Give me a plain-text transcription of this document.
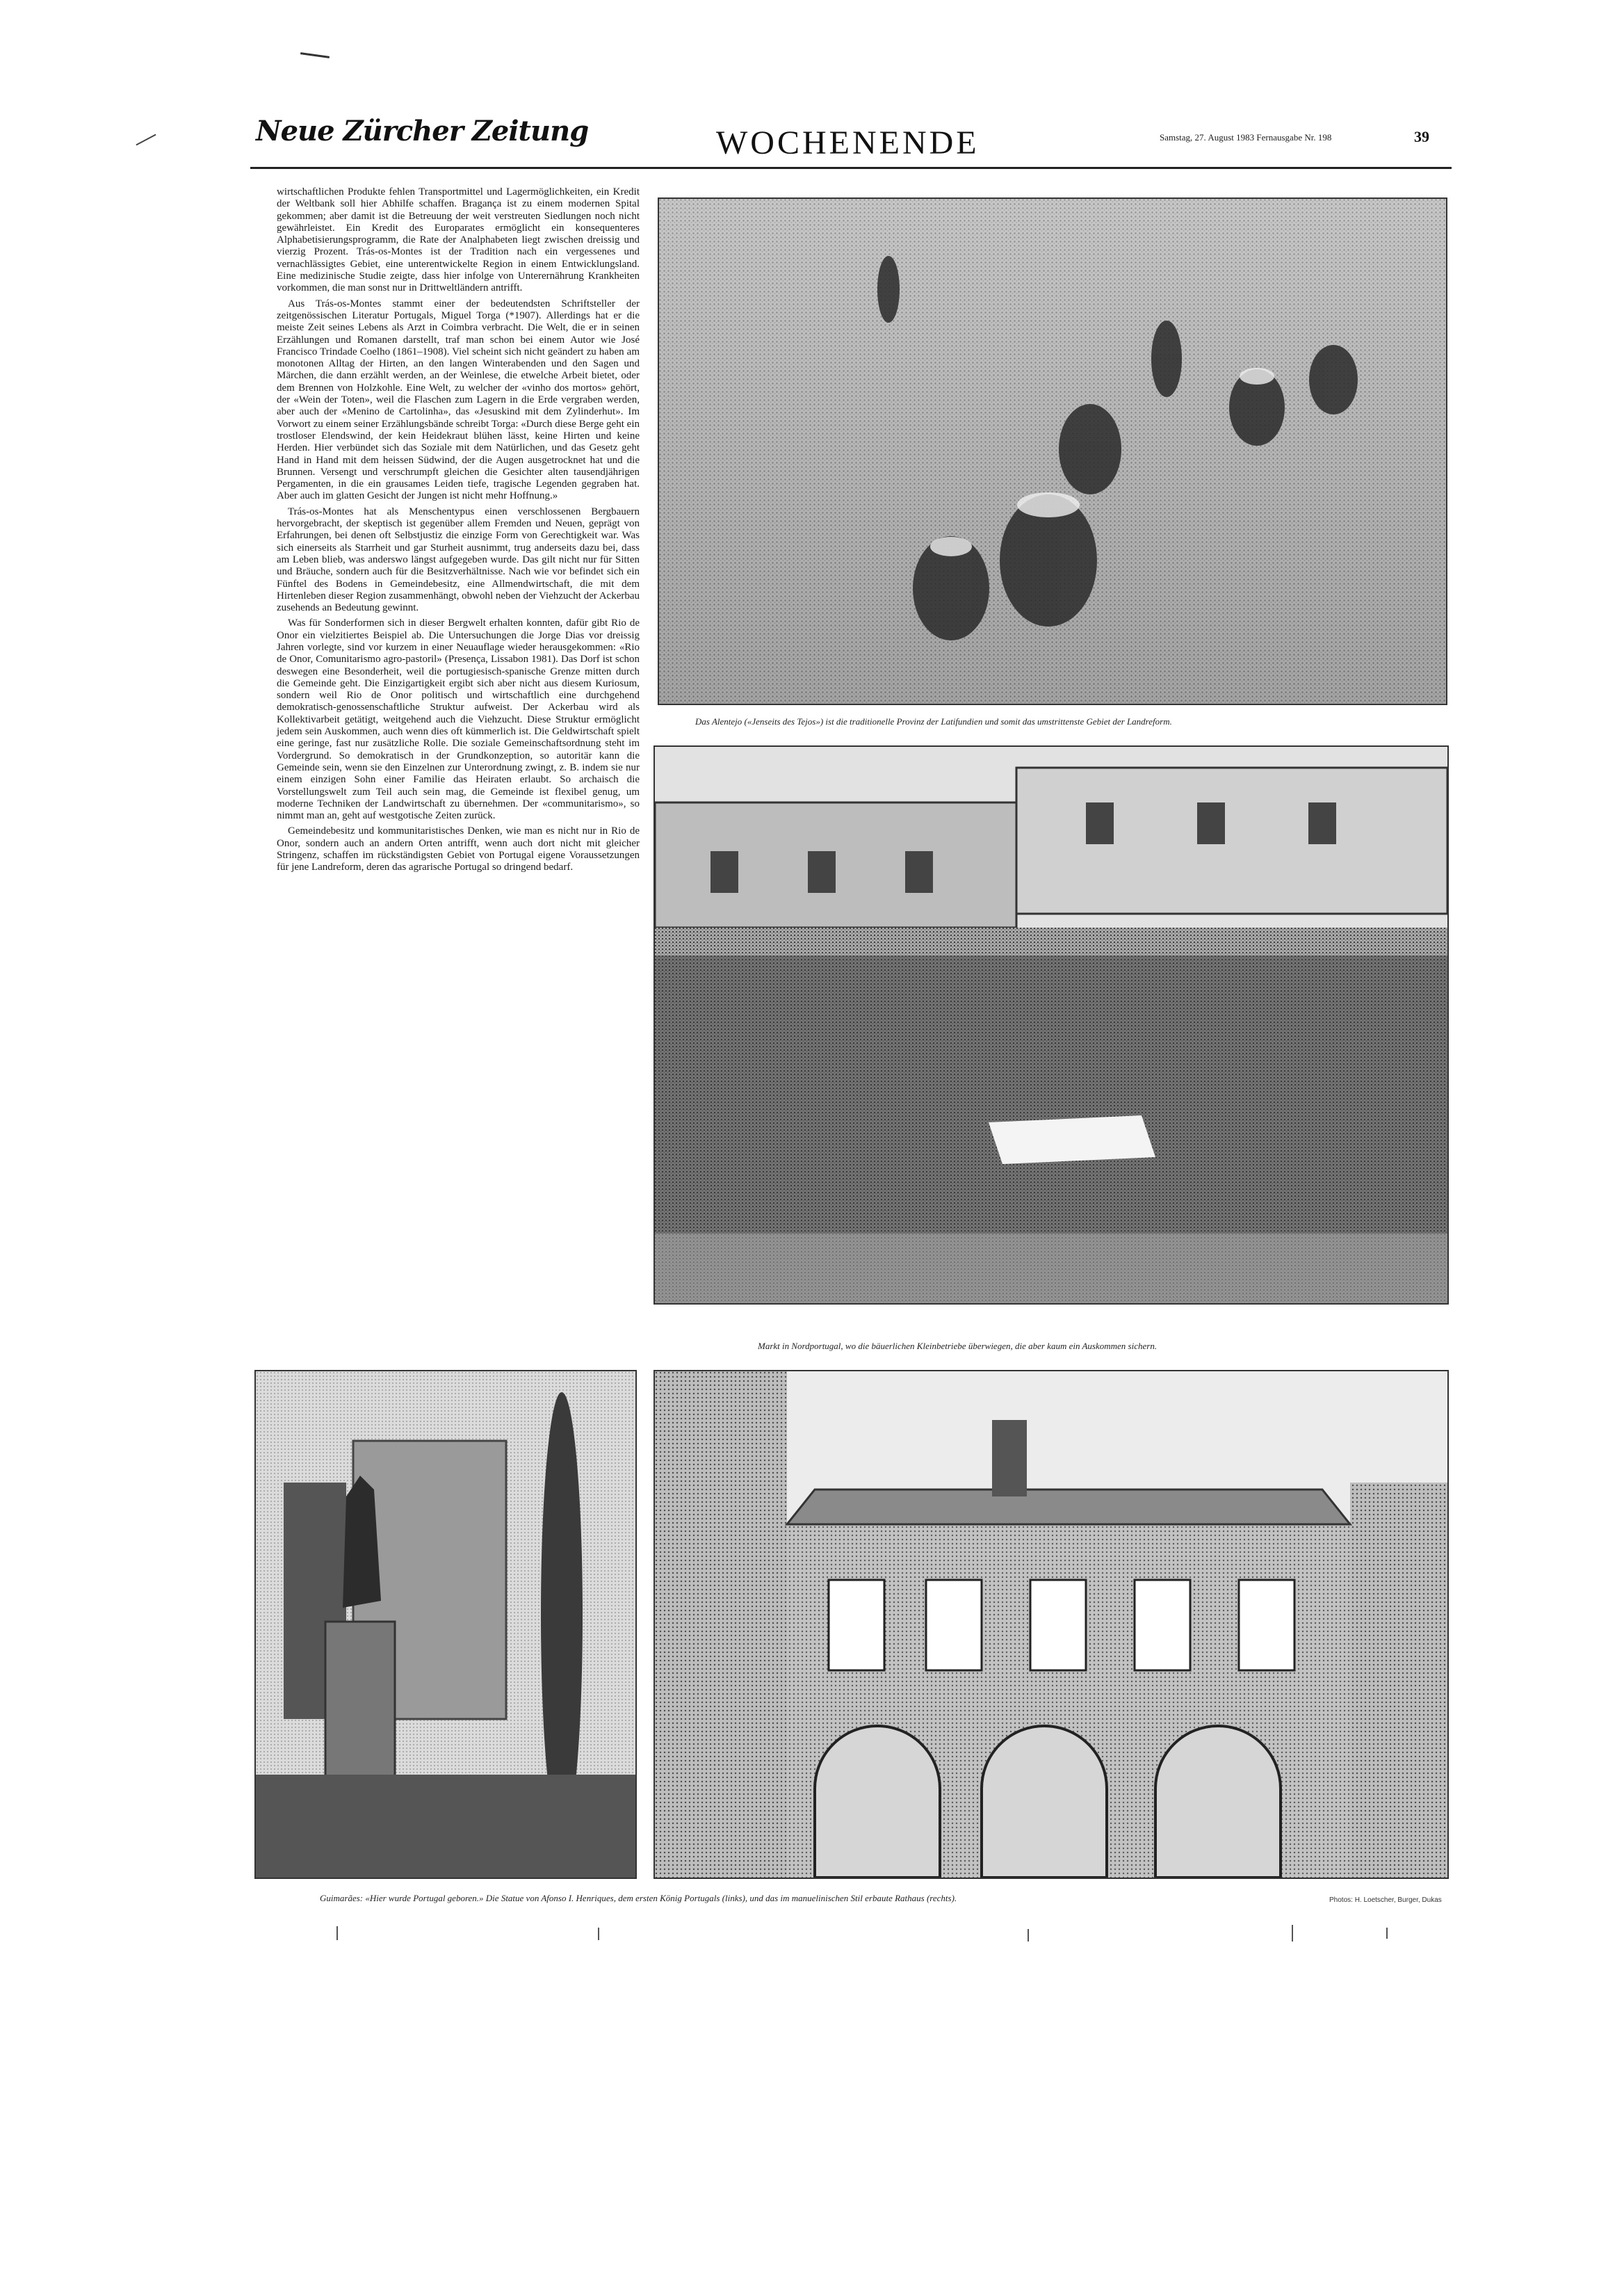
Neue Zürcher Zeitung	WOCHENENDE	Samstag, 27. August 1983 Fernausgabe Nr. 198	39

wirtschaftlichen Produkte fehlen Transportmittel und Lagermöglichkeiten, ein Kredit der Weltbank soll hier Abhilfe schaffen. Bragança ist zu einem modernen Spital gekommen; aber damit ist die Betreuung der weit verstreuten Siedlungen noch nicht gewährleistet. Ein Kredit des Europarates ermöglicht ein konsequenteres Alphabetisierungsprogramm, die Rate der Analphabeten liegt zwischen dreissig und vierzig Prozent. Trás-os-Montes ist der Tradition nach ein vergessenes und vernachlässigtes Gebiet, eine unterentwickelte Region in einem Entwicklungsland. Eine medizinische Studie zeigte, dass hier infolge von Unterernährung Krankheiten vorkommen, die man sonst nur in Drittweltländern antrifft.

Aus Trás-os-Montes stammt einer der bedeutendsten Schriftsteller der zeitgenössischen Literatur Portugals, Miguel Torga (*1907). Allerdings hat er die meiste Zeit seines Lebens als Arzt in Coimbra verbracht. Die Welt, die er in seinen Erzählungen und Romanen darstellt, traf man schon bei einem Autor wie José Francisco Trindade Coelho (1861–1908). Viel scheint sich nicht geändert zu haben am monotonen Alltag der Hirten, an den langen Winterabenden und den Sagen und Märchen, die dann erzählt werden, an der Weinlese, die etwelche Arbeit bietet, oder dem Brennen von Holzkohle. Eine Welt, zu welcher der «vinho dos mortos» gehört, der «Wein der Toten», weil die Flaschen zum Lagern in die Erde vergraben werden, aber auch der «Menino de Cartolinha», das «Jesuskind mit dem Zylinderhut». Im Vorwort zu einem seiner Erzählungsbände schreibt Torga: «Durch diese Berge geht ein trostloser Elendswind, der kein Heidekraut blühen lässt, keine Hirten und keine Herden. Hier verbündet sich das Soziale mit dem Natürlichen, und das Gesetz geht Hand in Hand mit dem heissen Südwind, der die Augen ausgetrocknet hat und die Brunnen. Versengt und verschrumpft gleichen die Gesichter alten tausendjährigen Pergamenten, in die ein grausames Leiden tiefe, tragische Legenden gegraben hat. Aber auch im glatten Gesicht der Jungen ist nicht mehr Hoffnung.»

Trás-os-Montes hat als Menschentypus einen verschlossenen Bergbauern hervorgebracht, der skeptisch ist gegenüber allem Fremden und Neuen, geprägt von Erfahrungen, bei denen oft Selbstjustiz die einzige Form von Gerechtigkeit war. Was sich einerseits als Starrheit und gar Sturheit ausnimmt, trug anderseits dazu bei, dass am Leben blieb, was anderswo längst aufgegeben wurde. Das gilt nicht nur für Sitten und Bräuche, sondern auch für die Besitzverhältnisse. Nach wie vor befindet sich ein Fünftel des Bodens in Gemeindebesitz, eine Allmendwirtschaft, die mit dem Hirtenleben dieser Region zusammenhängt, obwohl neben der Viehzucht der Ackerbau zusehends an Bedeutung gewinnt.

Was für Sonderformen sich in dieser Bergwelt erhalten konnten, dafür gibt Rio de Onor ein vielzitiertes Beispiel ab. Die Untersuchungen die Jorge Dias vor dreissig Jahren vorlegte, sind vor kurzem in einer Neuauflage wieder herausgekommen: «Rio de Onor, Comunitarismo agro-pastoril» (Presença, Lissabon 1981). Das Dorf ist schon deswegen eine Besonderheit, weil die portugiesisch-spanische Grenze mitten durch die Gemeinde geht. Die Einzigartigkeit ergibt sich aber nicht aus diesem Kuriosum, sondern weil Rio de Onor politisch und wirtschaftlich eine durchgehend demokratisch-genossenschaftliche Struktur aufweist. Der Ackerbau wird als Kollektivarbeit getätigt, weitgehend auch die Viehzucht. Diese Struktur ermöglicht jedem sein Auskommen, auch wenn dies oft kümmerlich ist. Die Geldwirtschaft spielt eine geringe, fast nur zusätzliche Rolle. Die soziale Gemeinschaftsordnung steht im Vordergrund. So demokratisch in der Grundkonzeption, so autoritär kann die Gemeinde sein, wenn sie den Einzelnen zur Unterordnung zwingt, z. B. indem sie nur einem einzigen Sohn einer Familie das Heiraten erlaubt. So archaisch die Vorstellungswelt zum Teil auch sein mag, die Gemeinde ist flexibel genug, um moderne Techniken der Landwirtschaft zu übernehmen. Der «communitarismo», so nimmt man an, geht auf westgotische Zeiten zurück.

Gemeindebesitz und kommunitaristisches Denken, wie man es nicht nur in Rio de Onor, sondern auch an andern Orten antrifft, wenn auch dort nicht mit gleicher Stringenz, schaffen im rückständigsten Gebiet von Portugal eigene Voraussetzungen für jene Landreform, deren das agrarische Portugal so dringend bedarf.

Das Alentejo («Jenseits des Tejos») ist die traditionelle Provinz der Latifundien und somit das umstrittenste Gebiet der Landreform.
Markt in Nordportugal, wo die bäuerlichen Kleinbetriebe überwiegen, die aber kaum ein Auskommen sichern.
Guimarães: «Hier wurde Portugal geboren.» Die Statue von Afonso I. Henriques, dem ersten König Portugals (links), und das im manuelinischen Stil erbaute Rathaus (rechts).	Photos: H. Loetscher, Burger, Dukas
